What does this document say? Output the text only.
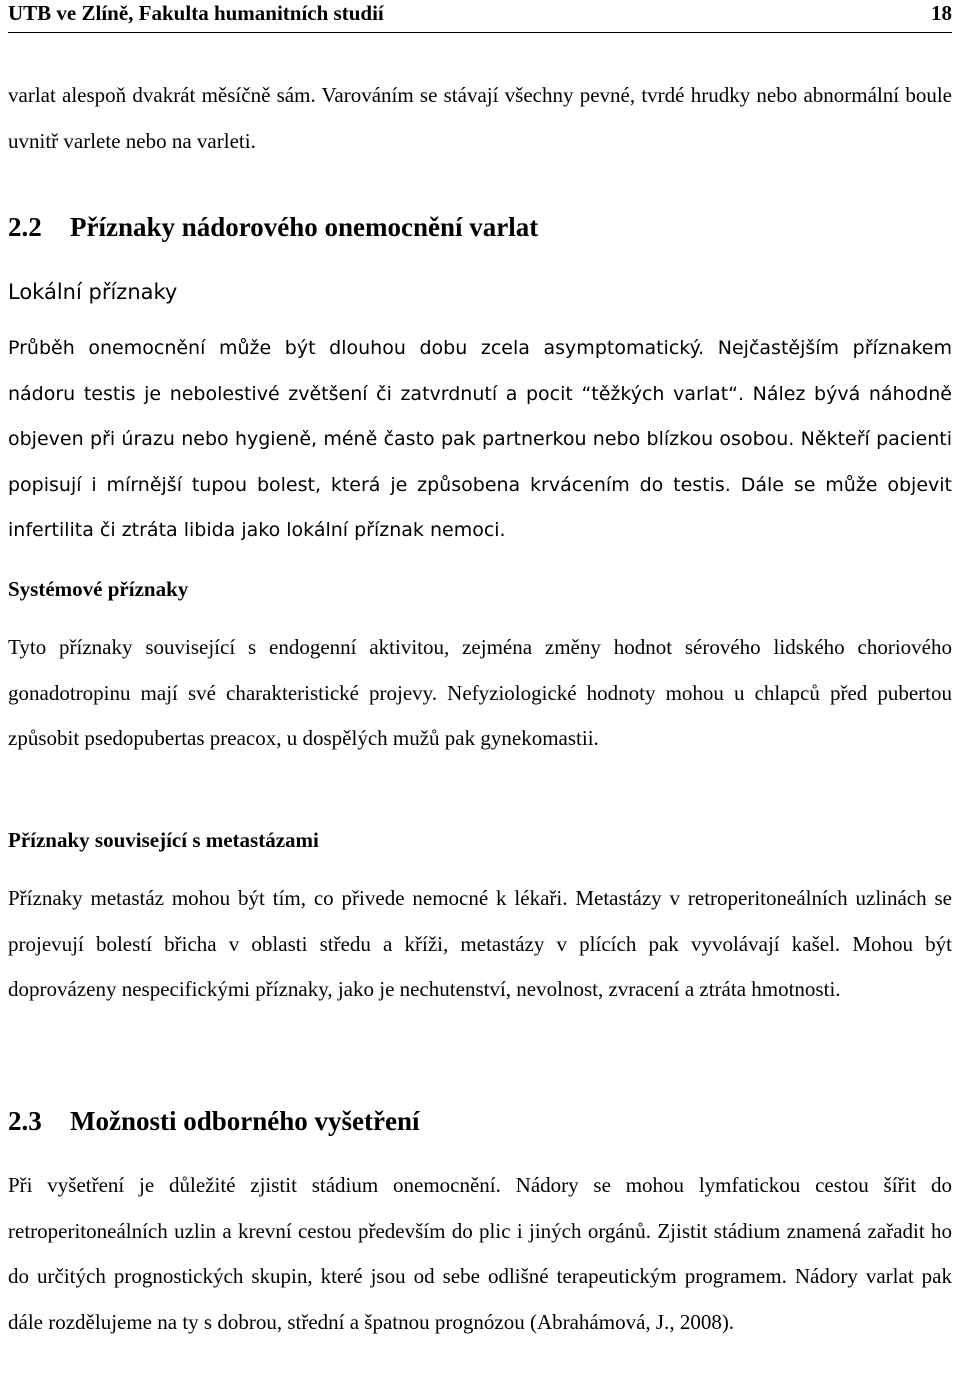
UTB ve Zlíně, Fakulta humanitních studií	18
varlat alespoň dvakrát měsíčně sám. Varováním se stávají všechny pevné, tvrdé hrudky nebo abnormální boule uvnitř varlete nebo na varleti.
2.2 Příznaky nádorového onemocnění varlat
Lokální příznaky
Průběh onemocnění může být dlouhou dobu zcela asymptomatický. Nejčastějším příznakem nádoru testis je nebolestivé zvětšení či zatvrdnutí a pocit “těžkých varlat“. Nález bývá náhodně objeven při úrazu nebo hygieně, méně často pak partnerkou nebo blízkou osobou. Někteří pacienti popisují i mírnější tupou bolest, která je způsobena krvácením do testis. Dále se může objevit infertilita či ztráta libida jako lokální příznak nemoci.
Systémové příznaky
Tyto příznaky související s endogenní aktivitou, zejména změny hodnot sérového lidského choriového gonadotropinu mají své charakteristické projevy. Nefyziologické hodnoty mohou u chlapců před pubertou způsobit psedopubertas preacox, u dospělých mužů pak gynekomastii.
Příznaky související s metastázami
Příznaky metastáz mohou být tím, co přivede nemocné k lékaři. Metastázy v retroperitoneálních uzlinách se projevují bolestí břicha v oblasti středu a kříži, metastázy v plících pak vyvolávají kašel. Mohou být doprovázeny nespecifickými příznaky, jako je nechutenství, nevolnost, zvracení a ztráta hmotnosti.
2.3 Možnosti odborného vyšetření
Při vyšetření je důležité zjistit stádium onemocnění. Nádory se mohou lymfatickou cestou šířit do retroperitoneálních uzlin a krevní cestou především do plic i jiných orgánů. Zjistit stádium znamená zařadit ho do určitých prognostických skupin, které jsou od sebe odlišné terapeutickým programem. Nádory varlat pak dále rozdělujeme na ty s dobrou, střední a špatnou prognózou (Abrahámová, J., 2008).
